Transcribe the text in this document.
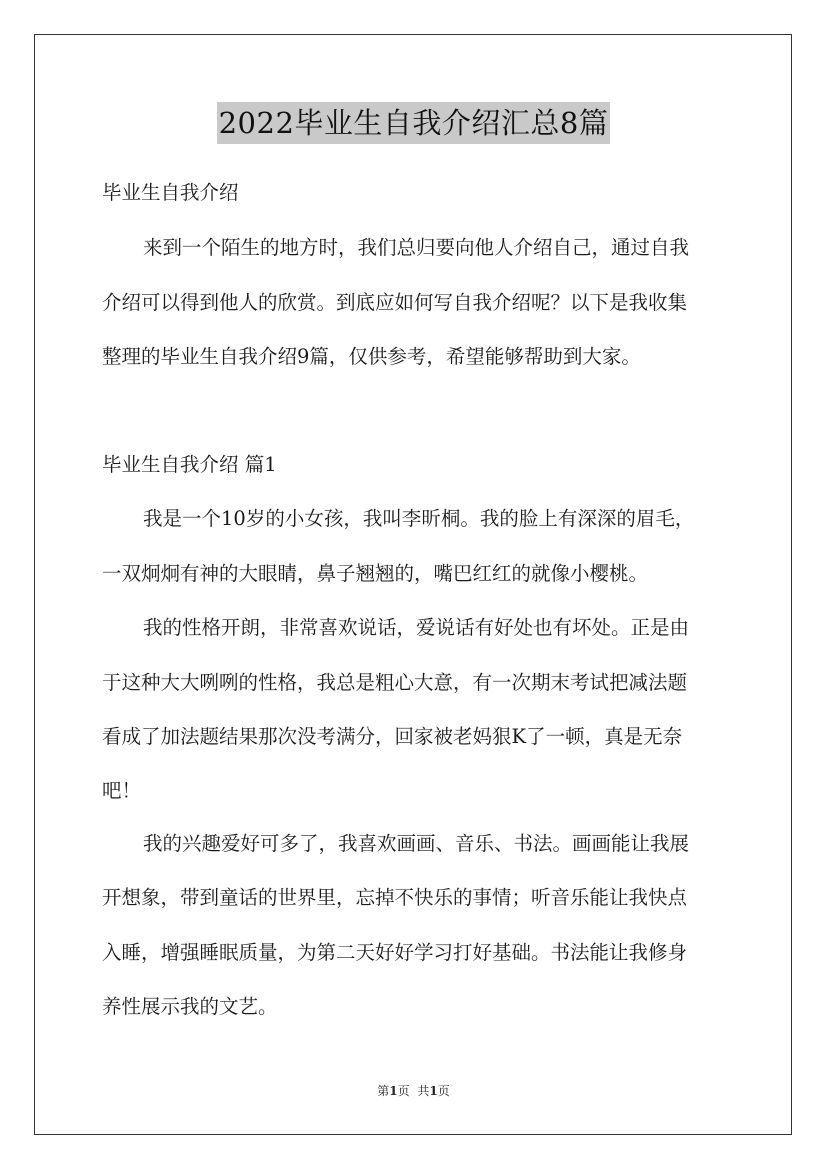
2022毕业生自我介绍汇总8篇
毕业生自我介绍
来到一个陌生的地方时，我们总归要向他人介绍自己，通过自我
介绍可以得到他人的欣赏。到底应如何写自我介绍呢？以下是我收集
整理的毕业生自我介绍9篇，仅供参考，希望能够帮助到大家。
毕业生自我介绍 篇1
我是一个10岁的小女孩，我叫李昕桐。我的脸上有深深的眉毛，
一双炯炯有神的大眼睛，鼻子翘翘的，嘴巴红红的就像小樱桃。
我的性格开朗，非常喜欢说话，爱说话有好处也有坏处。正是由
于这种大大咧咧的性格，我总是粗心大意，有一次期末考试把减法题
看成了加法题结果那次没考满分，回家被老妈狠K了一顿，真是无奈
吧！
我的兴趣爱好可多了，我喜欢画画、音乐、书法。画画能让我展
开想象，带到童话的世界里，忘掉不快乐的事情；听音乐能让我快点
入睡，增强睡眠质量，为第二天好好学习打好基础。书法能让我修身
养性展示我的文艺。
第1页 共1页
